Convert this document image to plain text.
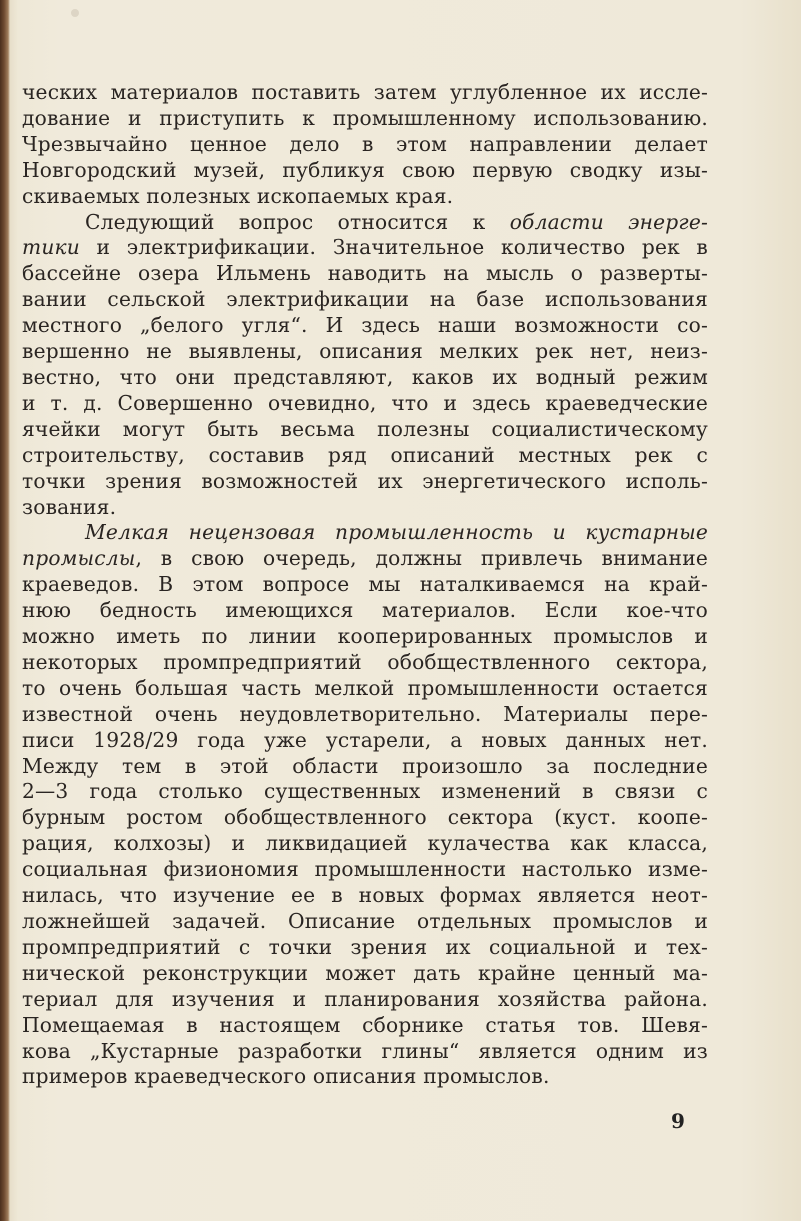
ческих материалов поставить затем углубленное их иссле-
дование и приступить к промышленному использованию.
Чрезвычайно ценное дело в этом направлении делает
Новгородский музей, публикуя свою первую сводку изы-
скиваемых полезных ископаемых края.

Следующий вопрос относится к области энерге-
тики и электрификации. Значительное количество рек в
бассейне озера Ильмень наводить на мысль о разверты-
вании сельской электрификации на базе использования
местного „белого угля“. И здесь наши возможности со-
вершенно не выявлены, описания мелких рек нет, неиз-
вестно, что они представляют, каков их водный режим
и т. д. Совершенно очевидно, что и здесь краеведческие
ячейки могут быть весьма полезны социалистическому
строительству, составив ряд описаний местных рек с
точки зрения возможностей их энергетического исполь-
зования.

Мелкая нецензовая промышленность и кустарные
промыслы, в свою очередь, должны привлечь внимание
краеведов. В этом вопросе мы наталкиваемся на край-
нюю бедность имеющихся материалов. Если кое-что
можно иметь по линии кооперированных промыслов и
некоторых промпредприятий обобществленного сектора,
то очень большая часть мелкой промышленности остается
известной очень неудовлетворительно. Материалы пере-
писи 1928/29 года уже устарели, а новых данных нет.
Между тем в этой области произошло за последние
2—3 года столько существенных изменений в связи с
бурным ростом обобществленного сектора (куст. коопе-
рация, колхозы) и ликвидацией кулачества как класса,
социальная физиономия промышленности настолько изме-
нилась, что изучение ее в новых формах является неот-
ложнейшей задачей. Описание отдельных промыслов и
промпредприятий с точки зрения их социальной и тех-
нической реконструкции может дать крайне ценный ма-
териал для изучения и планирования хозяйства района.
Помещаемая в настоящем сборнике статья тов. Шевя-
кова „Кустарные разработки глины“ является одним из
примеров краеведческого описания промыслов.

9
